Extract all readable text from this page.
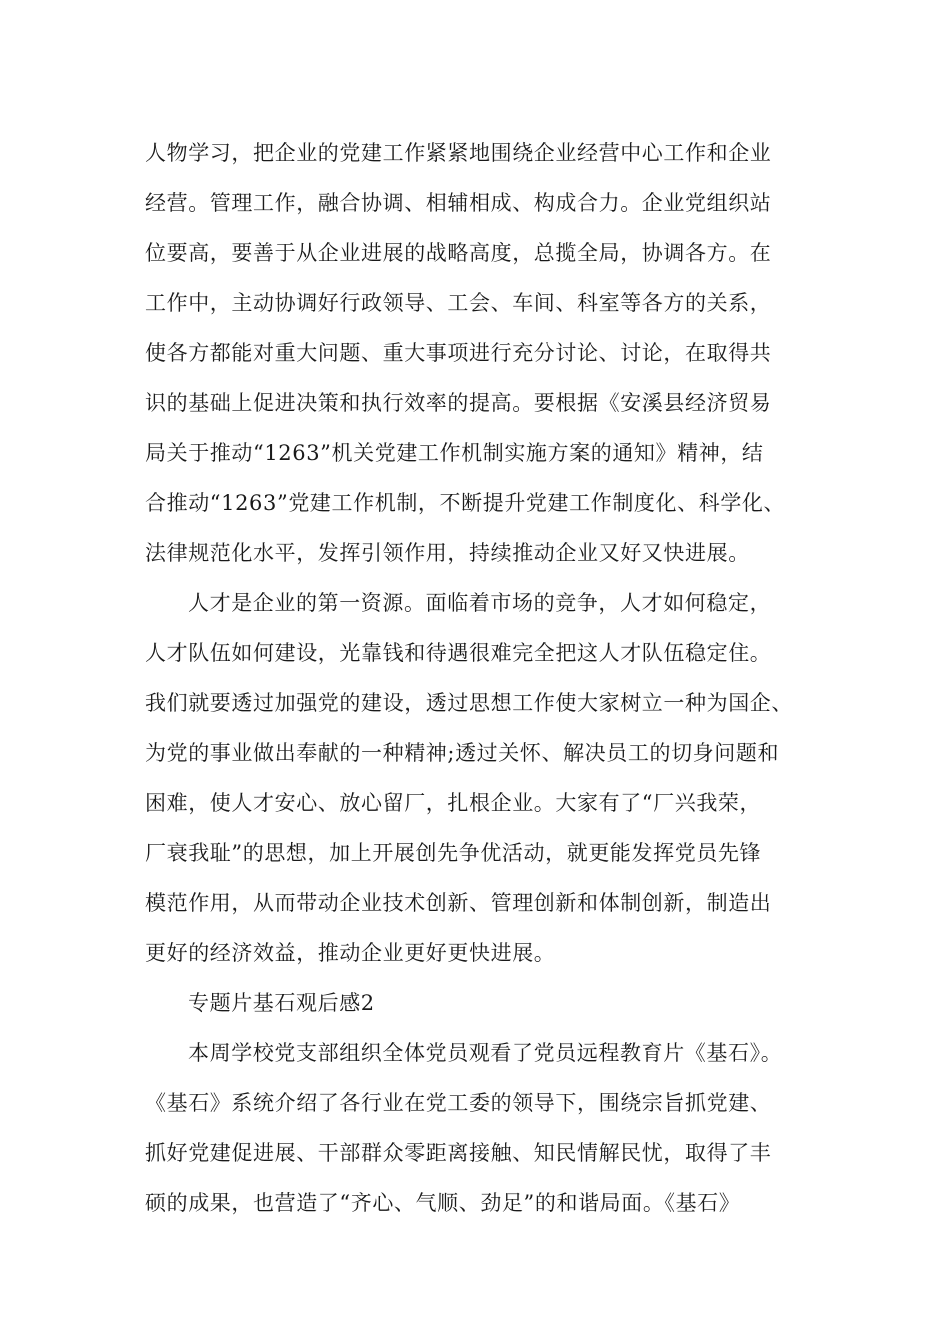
人物学习，把企业的党建工作紧紧地围绕企业经营中心工作和企业

经营。管理工作，融合协调、相辅相成、构成合力。企业党组织站

位要高，要善于从企业进展的战略高度，总揽全局，协调各方。在

工作中，主动协调好行政领导、工会、车间、科室等各方的关系，

使各方都能对重大问题、重大事项进行充分讨论、讨论，在取得共

识的基础上促进决策和执行效率的提高。要根据《安溪县经济贸易

局关于推动“1263”机关党建工作机制实施方案的通知》精神，结

合推动“1263”党建工作机制，不断提升党建工作制度化、科学化、

法律规范化水平，发挥引领作用，持续推动企业又好又快进展。

人才是企业的第一资源。面临着市场的竞争，人才如何稳定，

人才队伍如何建设，光靠钱和待遇很难完全把这人才队伍稳定住。

我们就要透过加强党的建设，透过思想工作使大家树立一种为国企、

为党的事业做出奉献的一种精神;透过关怀、解决员工的切身问题和

困难，使人才安心、放心留厂，扎根企业。大家有了“厂兴我荣，

厂衰我耻”的思想，加上开展创先争优活动，就更能发挥党员先锋

模范作用，从而带动企业技术创新、管理创新和体制创新，制造出

更好的经济效益，推动企业更好更快进展。

专题片基石观后感2

本周学校党支部组织全体党员观看了党员远程教育片《基石》。

《基石》系统介绍了各行业在党工委的领导下，围绕宗旨抓党建、

抓好党建促进展、干部群众零距离接触、知民情解民忧，取得了丰

硕的成果，也营造了“齐心、气顺、劲足”的和谐局面。《基石》
